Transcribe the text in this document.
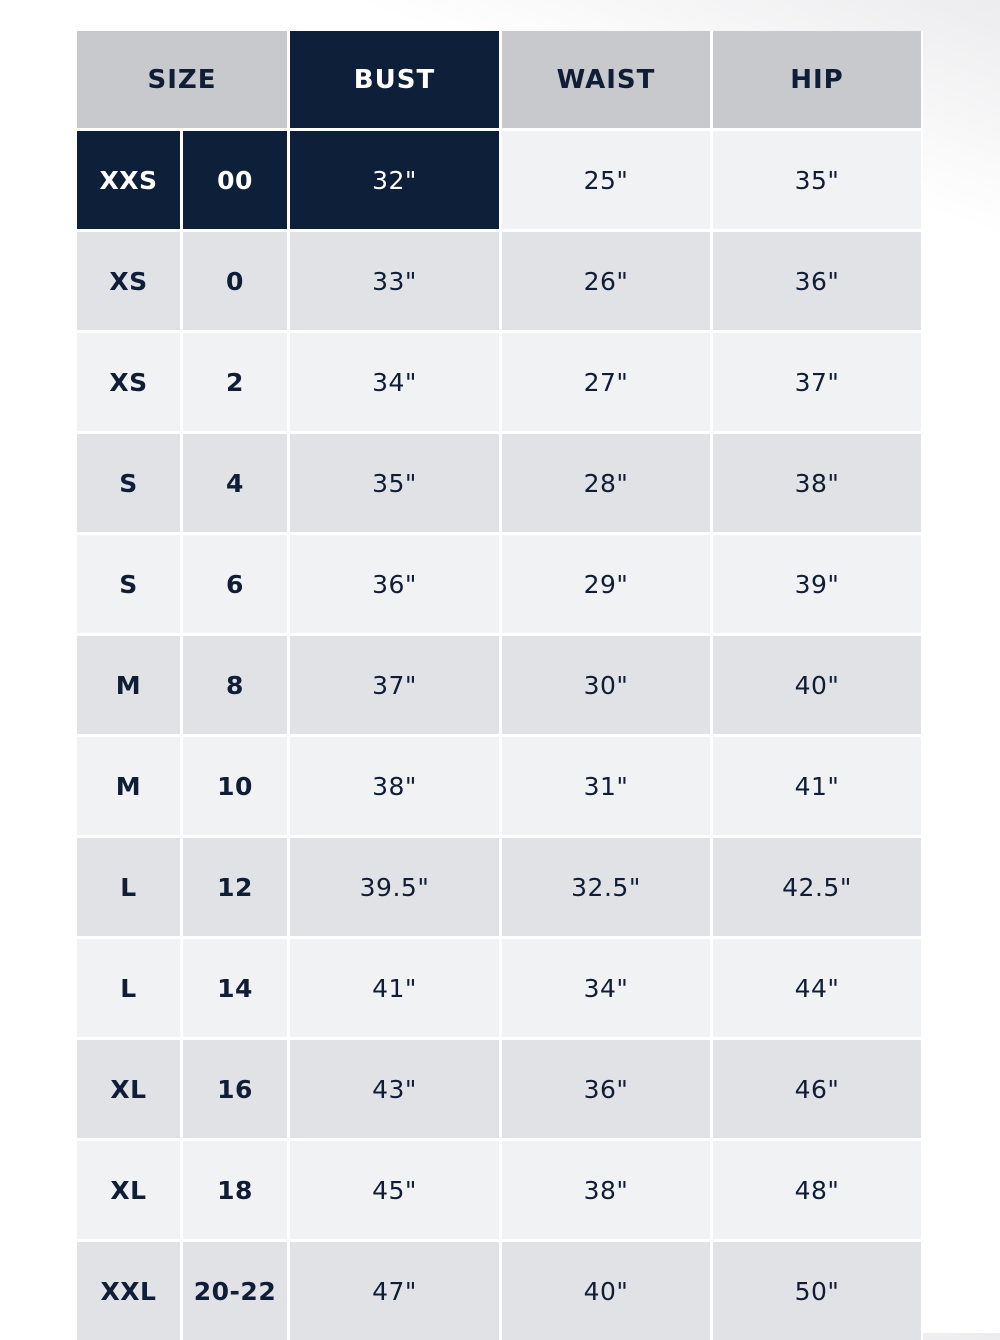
SIZE	BUST	WAIST	HIP
XXS	00	32"	25"	35"
XS	0	33"	26"	36"
XS	2	34"	27"	37"
S	4	35"	28"	38"
S	6	36"	29"	39"
M	8	37"	30"	40"
M	10	38"	31"	41"
L	12	39.5"	32.5"	42.5"
L	14	41"	34"	44"
XL	16	43"	36"	46"
XL	18	45"	38"	48"
XXL	20-22	47"	40"	50"
